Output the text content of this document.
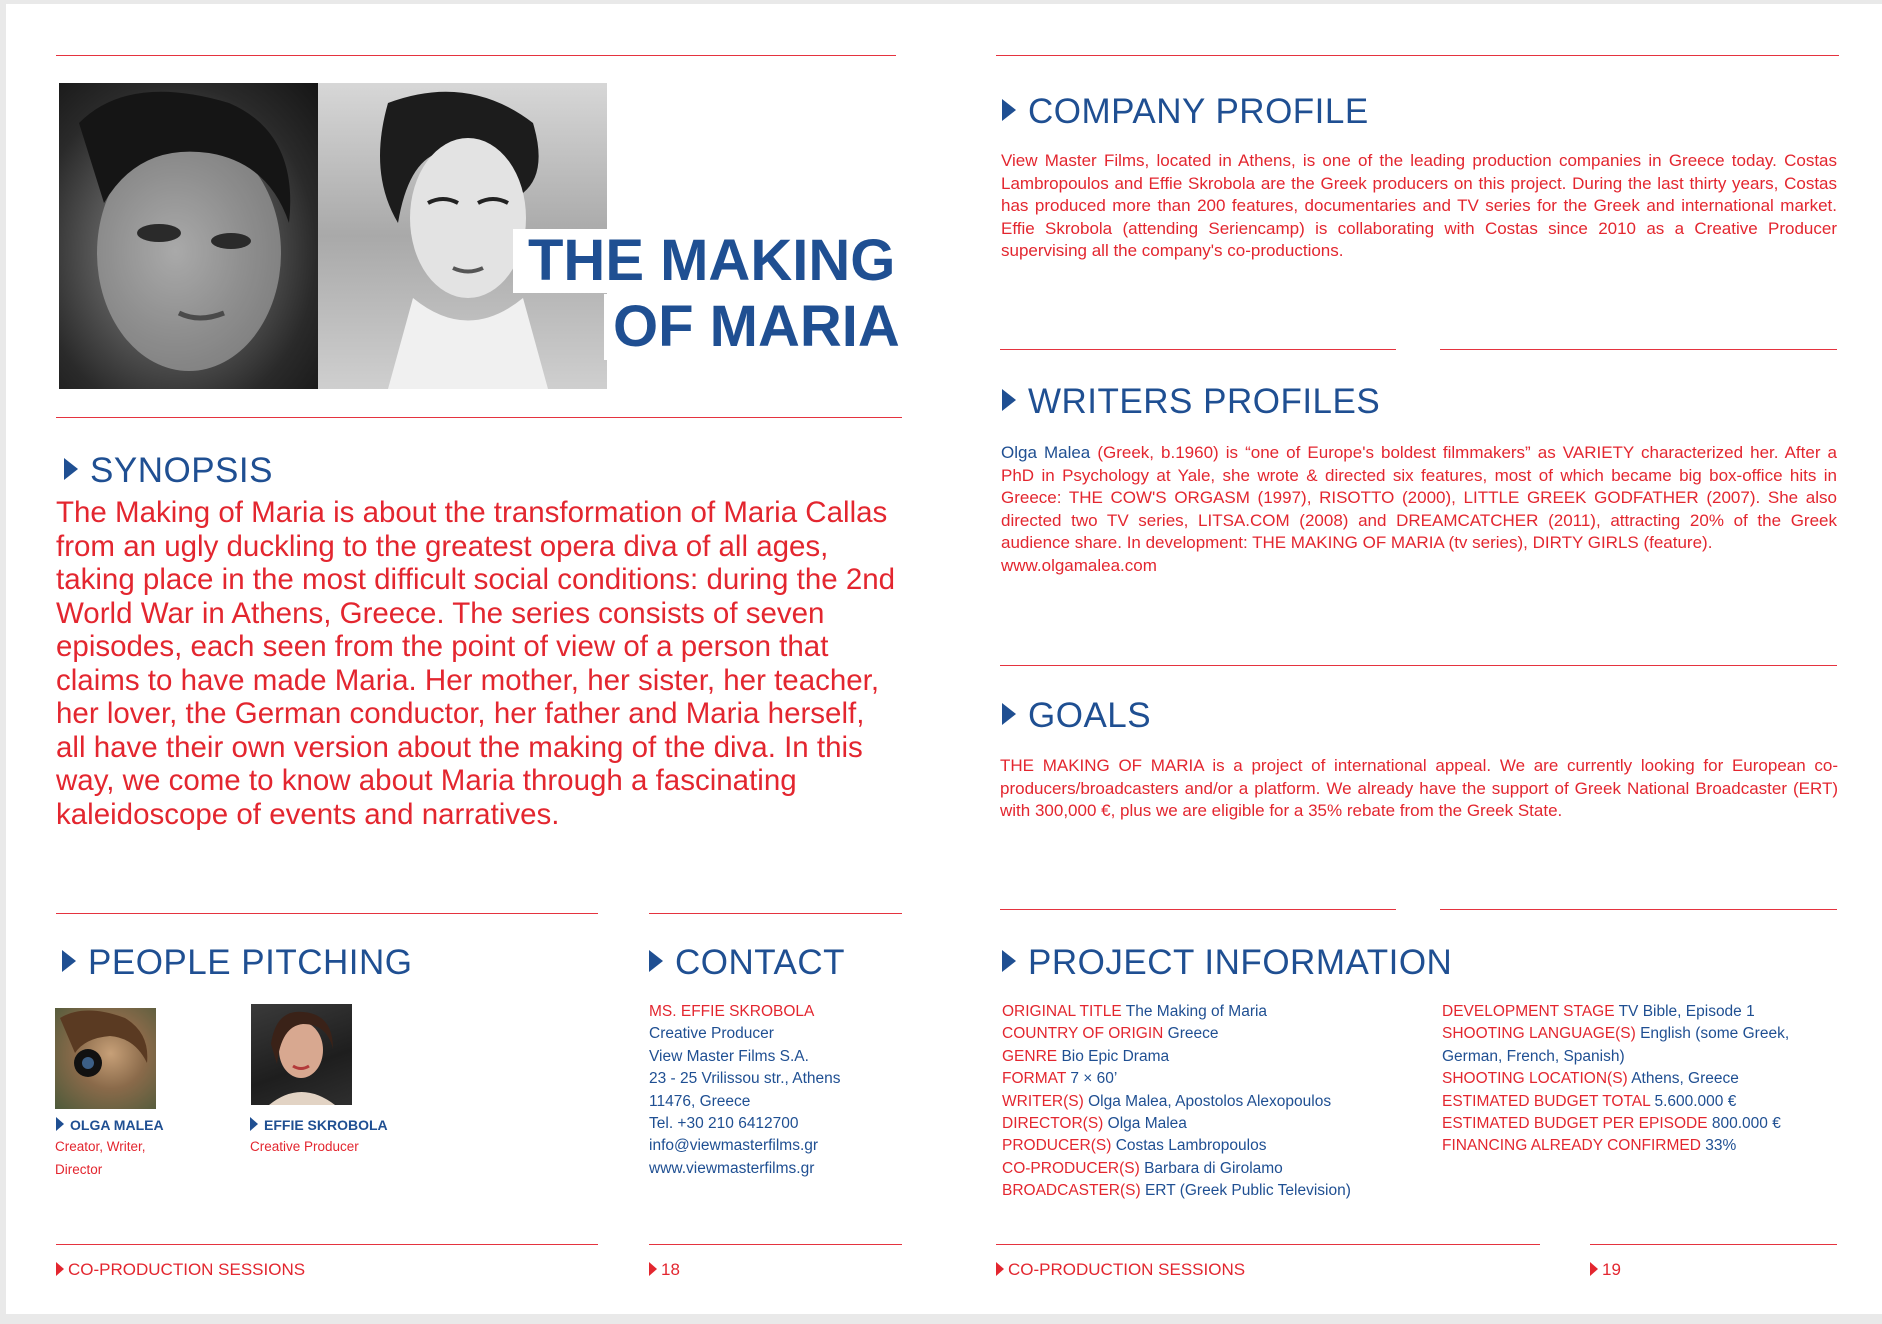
THE MAKING
OF MARIA
SYNOPSIS
The Making of Maria is about the transformation of Maria Callas from an ugly duckling to the greatest opera diva of all ages, taking place in the most difficult social conditions: during the 2nd World War in Athens, Greece. The series consists of seven episodes, each seen from the point of view of a person that claims to have made Maria. Her mother, her sister, her teacher, her lover, the German conductor, her father and Maria herself, all have their own version about the making of the diva. In this way, we come to know about Maria through a fascinating kaleidoscope of events and narratives.
PEOPLE PITCHING	CONTACT
OLGA MALEA
Creator, Writer, Director
EFFIE SKROBOLA
Creative Producer
MS. EFFIE SKROBOLA
Creative Producer
View Master Films S.A.
23 - 25 Vrilissou str., Athens
11476, Greece
Tel. +30 210 6412700
info@viewmasterfilms.gr
www.viewmasterfilms.gr
CO-PRODUCTION SESSIONS	18
COMPANY PROFILE
View Master Films, located in Athens, is one of the leading production companies in Greece today. Costas Lambropoulos and Effie Skrobola are the Greek producers on this project. During the last thirty years, Costas has produced more than 200 features, documentaries and TV series for the Greek and international market. Effie Skrobola (attending Seriencamp) is collaborating with Costas since 2010 as a Creative Producer supervising all the company's co-productions.
WRITERS PROFILES
Olga Malea (Greek, b.1960) is “one of Europe's boldest filmmakers” as VARIETY characterized her. After a PhD in Psychology at Yale, she wrote & directed six features, most of which became big box-office hits in Greece: THE COW'S ORGASM (1997), RISOTTO (2000), LITTLE GREEK GODFATHER (2007). She also directed two TV series, LITSA.COM (2008) and DREAMCATCHER (2011), attracting 20% of the Greek audience share. In development: THE MAKING OF MARIA (tv series), DIRTY GIRLS (feature).
www.olgamalea.com
GOALS
THE MAKING OF MARIA is a project of international appeal. We are currently looking for European co-producers/broadcasters and/or a platform. We already have the support of Greek National Broadcaster (ERT) with 300,000 €, plus we are eligible for a 35% rebate from the Greek State.
PROJECT INFORMATION
ORIGINAL TITLE The Making of Maria
COUNTRY OF ORIGIN Greece
GENRE Bio Epic Drama
FORMAT 7 × 60’
WRITER(S) Olga Malea, Apostolos Alexopoulos
DIRECTOR(S) Olga Malea
PRODUCER(S) Costas Lambropoulos
CO-PRODUCER(S) Barbara di Girolamo
BROADCASTER(S) ERT (Greek Public Television)
DEVELOPMENT STAGE TV Bible, Episode 1
SHOOTING LANGUAGE(S) English (some Greek,
German, French, Spanish)
SHOOTING LOCATION(S) Athens, Greece
ESTIMATED BUDGET TOTAL 5.600.000 €
ESTIMATED BUDGET PER EPISODE 800.000 €
FINANCING ALREADY CONFIRMED 33%
CO-PRODUCTION SESSIONS	19
